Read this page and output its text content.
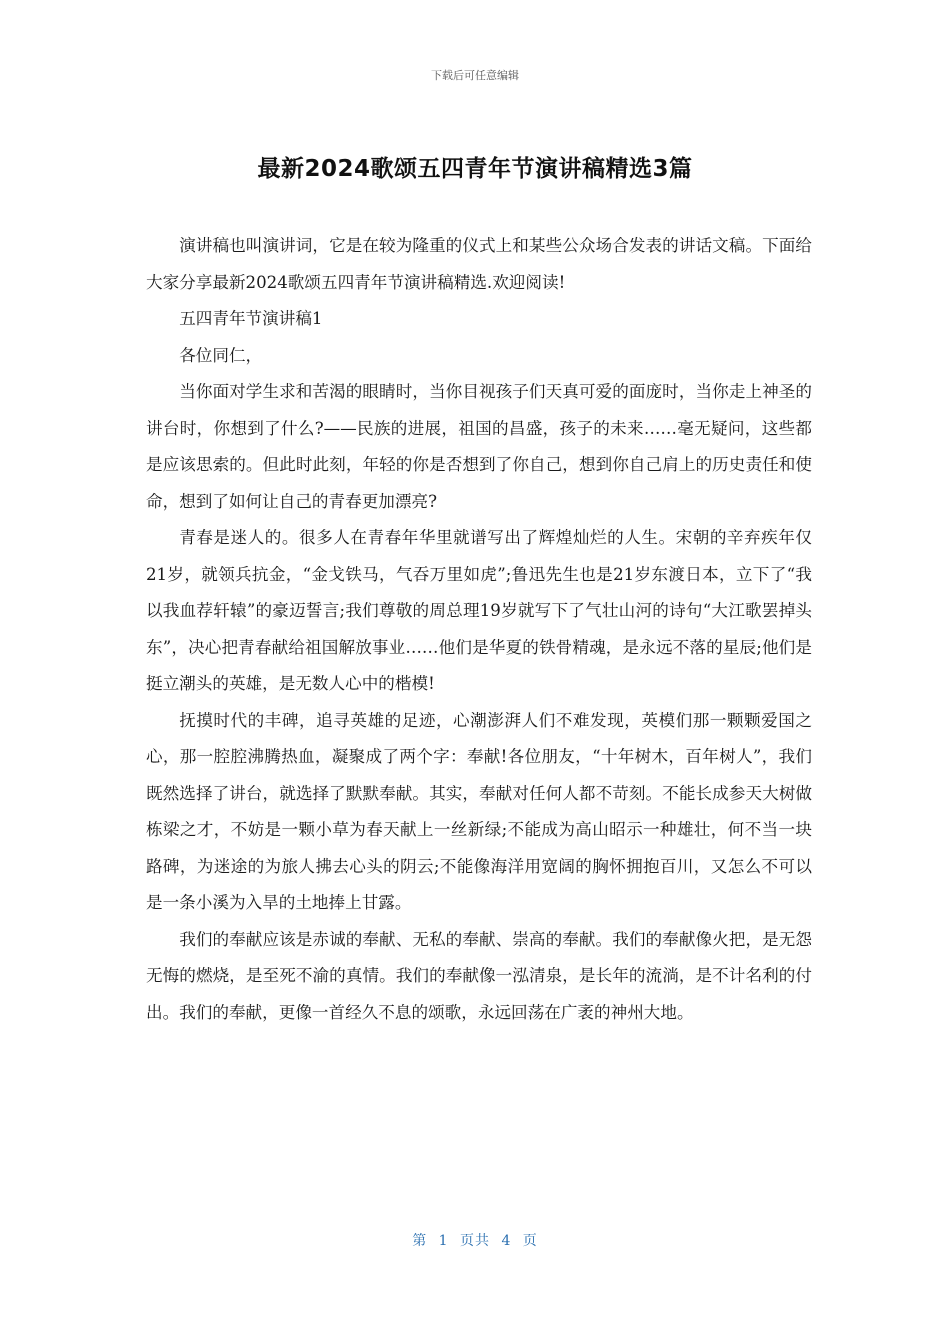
下载后可任意编辑
最新2024歌颂五四青年节演讲稿精选3篇

演讲稿也叫演讲词，它是在较为隆重的仪式上和某些公众场合发表的讲话文稿。下面给大家分享最新2024歌颂五四青年节演讲稿精选.欢迎阅读!

五四青年节演讲稿1

各位同仁，

当你面对学生求和苦渴的眼睛时，当你目视孩子们天真可爱的面庞时，当你走上神圣的讲台时，你想到了什么?——民族的进展，祖国的昌盛，孩子的未来……毫无疑问，这些都是应该思索的。但此时此刻，年轻的你是否想到了你自己，想到你自己肩上的历史责任和使命，想到了如何让自己的青春更加漂亮?

青春是迷人的。很多人在青春年华里就谱写出了辉煌灿烂的人生。宋朝的辛弃疾年仅21岁，就领兵抗金，“金戈铁马，气吞万里如虎”;鲁迅先生也是21岁东渡日本，立下了“我以我血荐轩辕”的豪迈誓言;我们尊敬的周总理19岁就写下了气壮山河的诗句“大江歌罢掉头东”，决心把青春献给祖国解放事业……他们是华夏的铁骨精魂，是永远不落的星辰;他们是挺立潮头的英雄，是无数人心中的楷模!

抚摸时代的丰碑，追寻英雄的足迹，心潮澎湃人们不难发现，英模们那一颗颗爱国之心，那一腔腔沸腾热血，凝聚成了两个字：奉献!各位朋友，“十年树木，百年树人”，我们既然选择了讲台，就选择了默默奉献。其实，奉献对任何人都不苛刻。不能长成参天大树做栋梁之才，不妨是一颗小草为春天献上一丝新绿;不能成为高山昭示一种雄壮，何不当一块路碑，为迷途的为旅人拂去心头的阴云;不能像海洋用宽阔的胸怀拥抱百川，又怎么不可以是一条小溪为入旱的土地捧上甘露。

我们的奉献应该是赤诚的奉献、无私的奉献、崇高的奉献。我们的奉献像火把，是无怨无悔的燃烧，是至死不渝的真情。我们的奉献像一泓清泉，是长年的流淌，是不计名利的付出。我们的奉献，更像一首经久不息的颂歌，永远回荡在广袤的神州大地。

第 1 页共 4 页
